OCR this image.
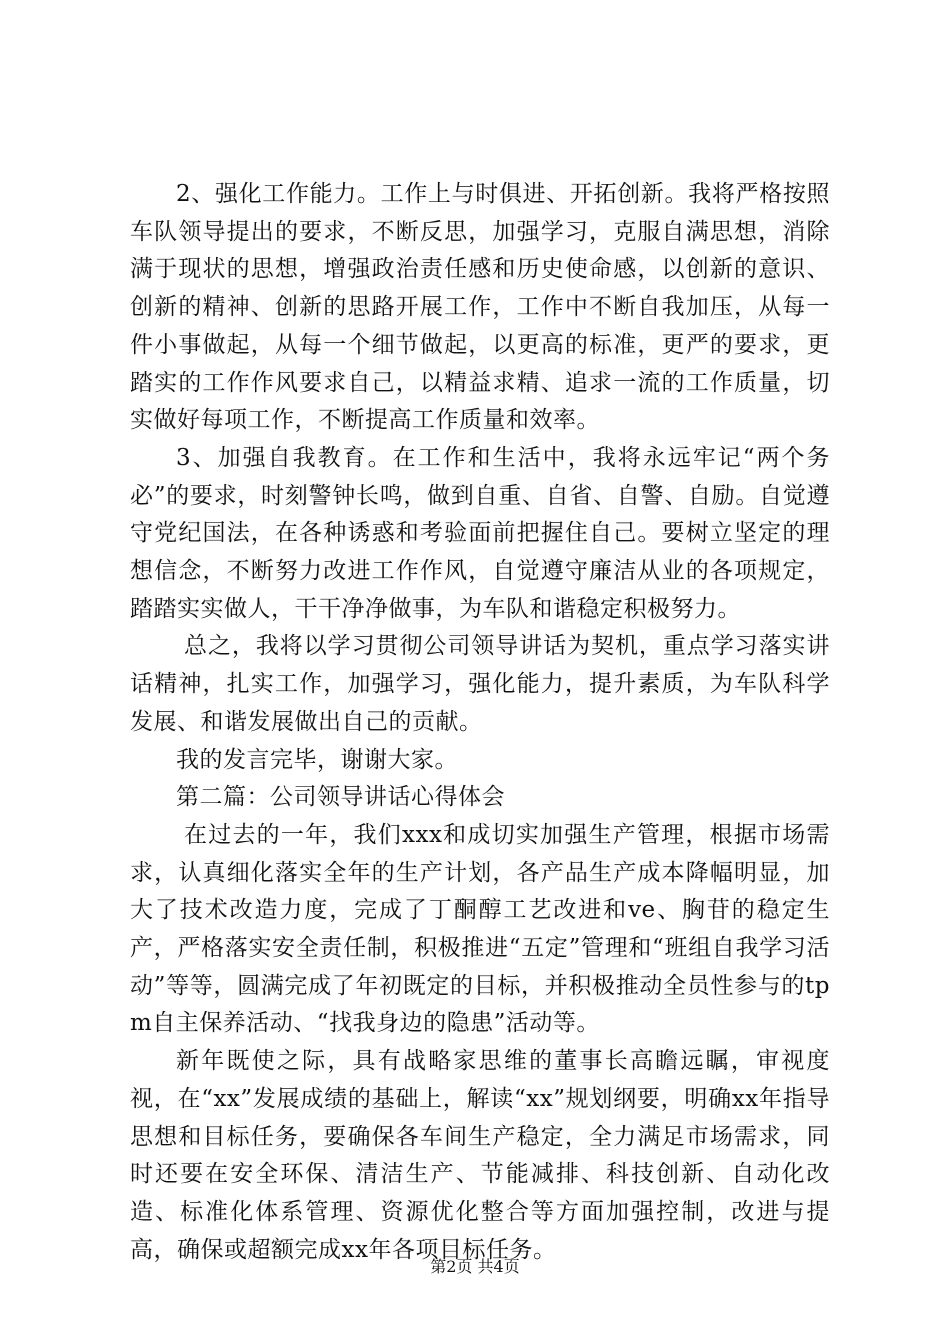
2、强化工作能力。工作上与时俱进、开拓创新。我将严格按照车队领导提出的要求，不断反思，加强学习，克服自满思想，消除满于现状的思想，增强政治责任感和历史使命感，以创新的意识、创新的精神、创新的思路开展工作，工作中不断自我加压，从每一件小事做起，从每一个细节做起，以更高的标准，更严的要求，更踏实的工作作风要求自己，以精益求精、追求一流的工作质量，切实做好每项工作，不断提高工作质量和效率。

3、加强自我教育。在工作和生活中，我将永远牢记“两个务必”的要求，时刻警钟长鸣，做到自重、自省、自警、自励。自觉遵守党纪国法，在各种诱惑和考验面前把握住自己。要树立坚定的理想信念，不断努力改进工作作风，自觉遵守廉洁从业的各项规定，踏踏实实做人，干干净净做事，为车队和谐稳定积极努力。

总之，我将以学习贯彻公司领导讲话为契机，重点学习落实讲话精神，扎实工作，加强学习，强化能力，提升素质，为车队科学发展、和谐发展做出自己的贡献。

我的发言完毕，谢谢大家。

第二篇：公司领导讲话心得体会

在过去的一年，我们xxx和成切实加强生产管理，根据市场需求，认真细化落实全年的生产计划，各产品生产成本降幅明显，加大了技术改造力度，完成了丁酮醇工艺改进和ve、胸苷的稳定生产，严格落实安全责任制，积极推进“五定”管理和“班组自我学习活动”等等，圆满完成了年初既定的目标，并积极推动全员性参与的tpm自主保养活动、“找我身边的隐患”活动等。

新年既使之际，具有战略家思维的董事长高瞻远瞩，审视度视，在“xx”发展成绩的基础上，解读“xx”规划纲要，明确xx年指导思想和目标任务，要确保各车间生产稳定，全力满足市场需求，同时还要在安全环保、清洁生产、节能减排、科技创新、自动化改造、标准化体系管理、资源优化整合等方面加强控制，改进与提高，确保或超额完成xx年各项目标任务。

第2页 共4页
